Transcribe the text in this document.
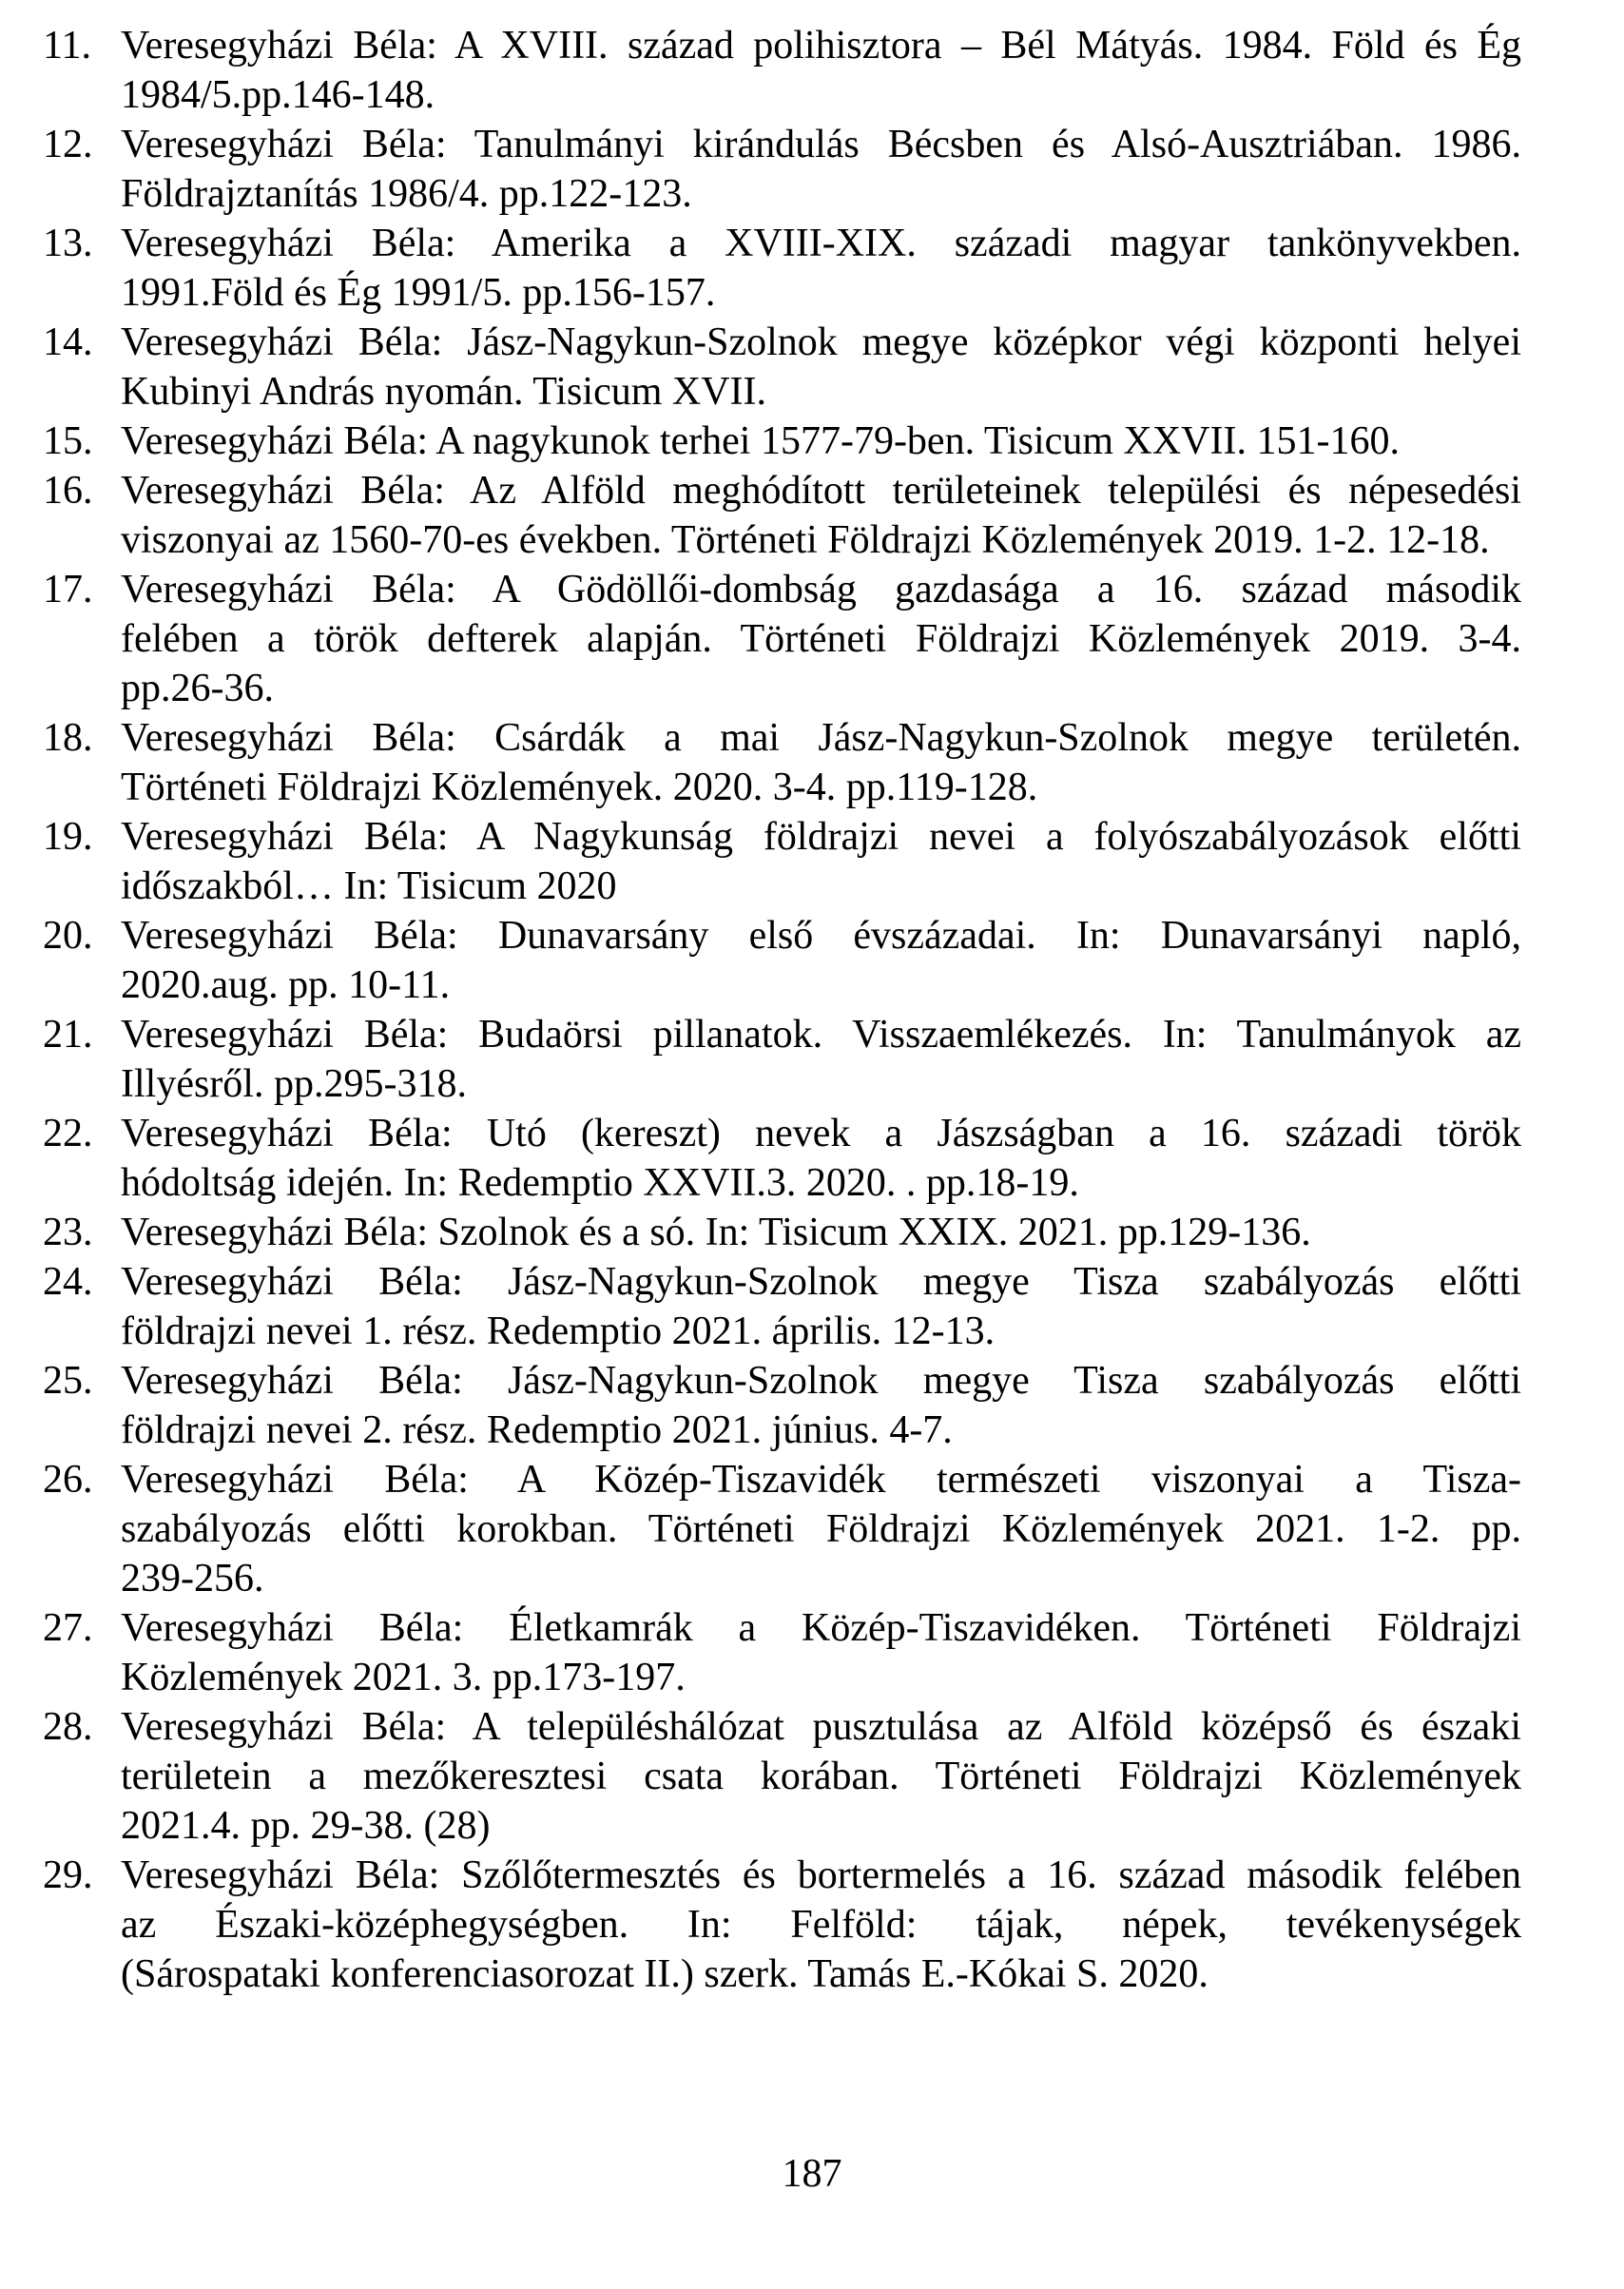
11. Veresegyházi Béla: A XVIII. század polihisztora – Bél Mátyás. 1984. Föld és Ég
1984/5.pp.146-148.
12. Veresegyházi Béla: Tanulmányi kirándulás Bécsben és Alsó-Ausztriában. 1986.
Földrajztanítás 1986/4. pp.122-123.
13. Veresegyházi Béla: Amerika a XVIII-XIX. századi magyar tankönyvekben.
1991.Föld és Ég 1991/5. pp.156-157.
14. Veresegyházi Béla: Jász-Nagykun-Szolnok megye középkor végi központi helyei
Kubinyi András nyomán. Tisicum XVII.
15. Veresegyházi Béla: A nagykunok terhei 1577-79-ben. Tisicum XXVII. 151-160.
16. Veresegyházi Béla: Az Alföld meghódított területeinek települési és népesedési
viszonyai az 1560-70-es években. Történeti Földrajzi Közlemények 2019. 1-2. 12-18.
17. Veresegyházi Béla: A Gödöllői-dombság gazdasága a 16. század második
felében a török defterek alapján. Történeti Földrajzi Közlemények 2019. 3-4.
pp.26-36.
18. Veresegyházi Béla: Csárdák a mai Jász-Nagykun-Szolnok megye területén.
Történeti Földrajzi Közlemények. 2020. 3-4. pp.119-128.
19. Veresegyházi Béla: A Nagykunság földrajzi nevei a folyószabályozások előtti
időszakból… In: Tisicum 2020
20. Veresegyházi Béla: Dunavarsány első évszázadai. In: Dunavarsányi napló,
2020.aug. pp. 10-11.
21. Veresegyházi Béla: Budaörsi pillanatok. Visszaemlékezés. In: Tanulmányok az
Illyésről. pp.295-318.
22. Veresegyházi Béla: Utó (kereszt) nevek a Jászságban a 16. századi török
hódoltság idején. In: Redemptio XXVII.3. 2020. . pp.18-19.
23. Veresegyházi Béla: Szolnok és a só. In: Tisicum XXIX. 2021. pp.129-136.
24. Veresegyházi Béla: Jász-Nagykun-Szolnok megye Tisza szabályozás előtti
földrajzi nevei 1. rész. Redemptio 2021. április. 12-13.
25. Veresegyházi Béla: Jász-Nagykun-Szolnok megye Tisza szabályozás előtti
földrajzi nevei 2. rész. Redemptio 2021. június. 4-7.
26. Veresegyházi Béla: A Közép-Tiszavidék természeti viszonyai a Tisza-
szabályozás előtti korokban. Történeti Földrajzi Közlemények 2021. 1-2. pp.
239-256.
27. Veresegyházi Béla: Életkamrák a Közép-Tiszavidéken. Történeti Földrajzi
Közlemények 2021. 3. pp.173-197.
28. Veresegyházi Béla: A településhálózat pusztulása az Alföld középső és északi
területein a mezőkeresztesi csata korában. Történeti Földrajzi Közlemények
2021.4. pp. 29-38. (28)
29. Veresegyházi Béla: Szőlőtermesztés és bortermelés a 16. század második felében
az Északi-középhegységben. In: Felföld: tájak, népek, tevékenységek
(Sárospataki konferenciasorozat II.) szerk. Tamás E.-Kókai S. 2020.
187
